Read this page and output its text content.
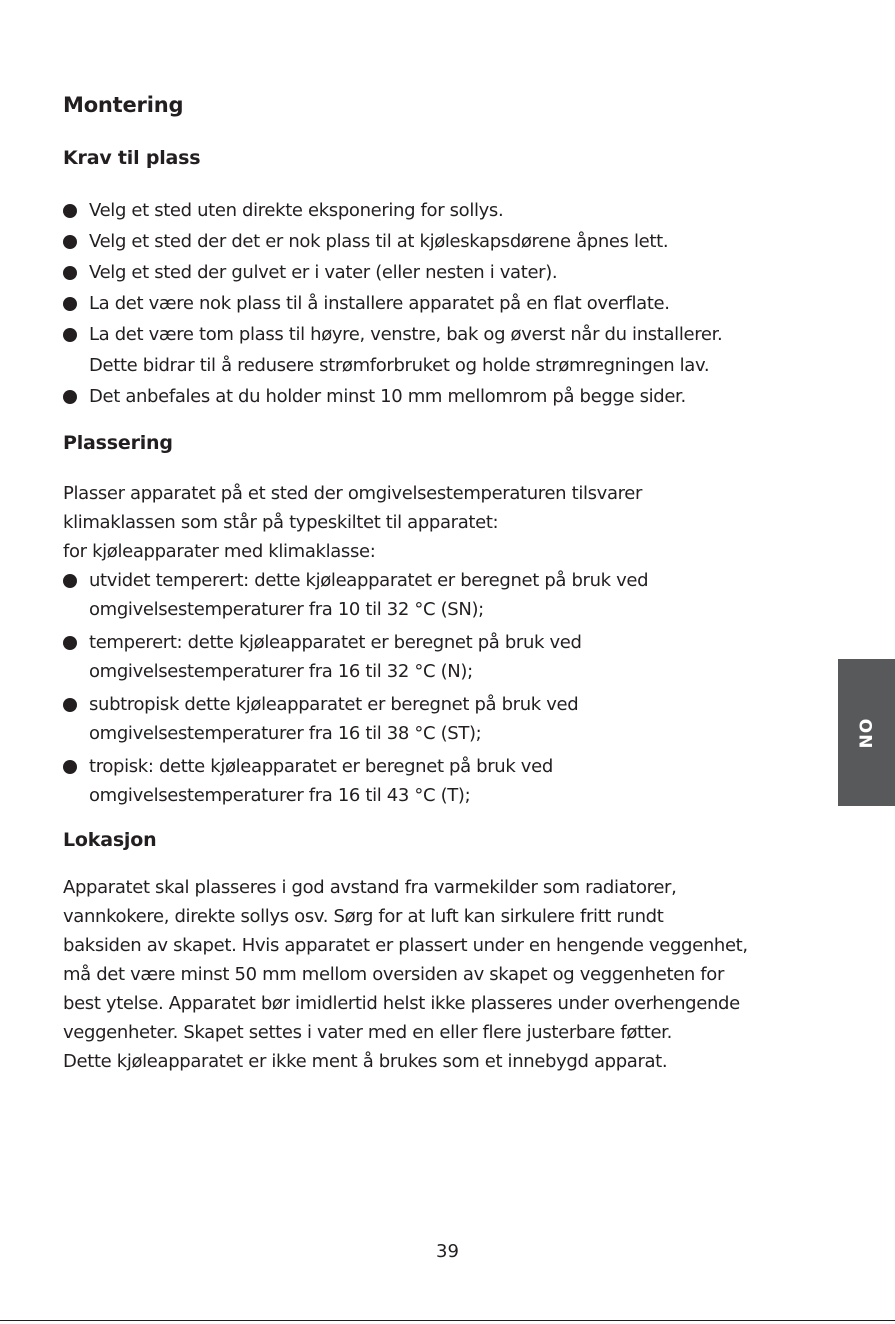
Montering
Krav til plass
Velg et sted uten direkte eksponering for sollys.
Velg et sted der det er nok plass til at kjøleskapsdørene åpnes lett.
Velg et sted der gulvet er i vater (eller nesten i vater).
La det være nok plass til å installere apparatet på en flat overflate.
La det være tom plass til høyre, venstre, bak og øverst når du installerer.
Dette bidrar til å redusere strømforbruket og holde strømregningen lav.
Det anbefales at du holder minst 10 mm mellomrom på begge sider.
Plassering
Plasser apparatet på et sted der omgivelsestemperaturen tilsvarer
klimaklassen som står på typeskiltet til apparatet:
for kjøleapparater med klimaklasse:
utvidet temperert: dette kjøleapparatet er beregnet på bruk ved
omgivelsestemperaturer fra 10 til 32 °C (SN);
temperert: dette kjøleapparatet er beregnet på bruk ved
omgivelsestemperaturer fra 16 til 32 °C (N);
subtropisk dette kjøleapparatet er beregnet på bruk ved
omgivelsestemperaturer fra 16 til 38 °C (ST);
tropisk: dette kjøleapparatet er beregnet på bruk ved
omgivelsestemperaturer fra 16 til 43 °C (T);
Lokasjon
Apparatet skal plasseres i god avstand fra varmekilder som radiatorer,
vannkokere, direkte sollys osv. Sørg for at luft kan sirkulere fritt rundt
baksiden av skapet. Hvis apparatet er plassert under en hengende veggenhet,
må det være minst 50 mm mellom oversiden av skapet og veggenheten for
best ytelse. Apparatet bør imidlertid helst ikke plasseres under overhengende
veggenheter. Skapet settes i vater med en eller flere justerbare føtter.
Dette kjøleapparatet er ikke ment å brukes som et innebygd apparat.
NO
39
